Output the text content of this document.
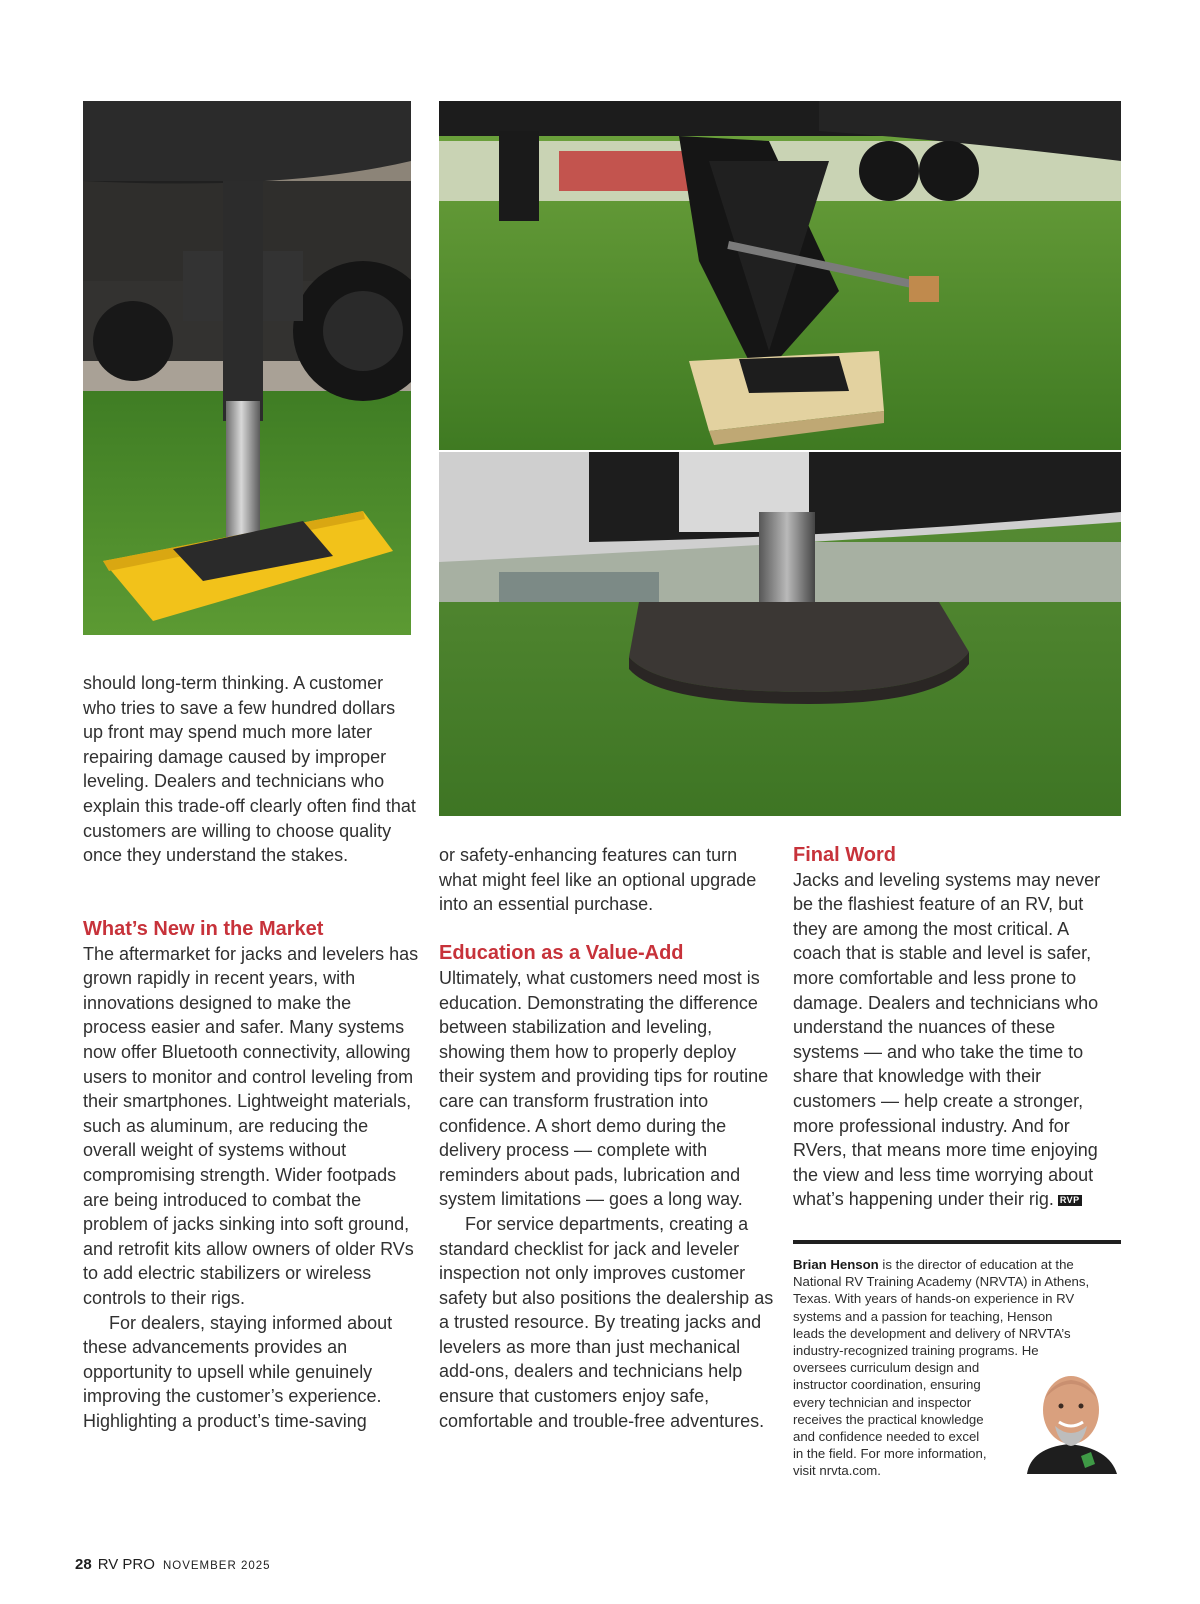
should long-term thinking. A customer who tries to save a few hundred dollars up front may spend much more later repairing damage caused by improper leveling. Dealers and technicians who explain this trade-off clearly often find that customers are willing to choose quality once they understand the stakes.

What’s New in the Market

The aftermarket for jacks and levelers has grown rapidly in recent years, with innovations designed to make the process easier and safer. Many systems now offer Bluetooth connectivity, allowing users to monitor and control leveling from their smartphones. Lightweight materials, such as aluminum, are reducing the overall weight of systems without compromising strength. Wider footpads are being introduced to combat the problem of jacks sinking into soft ground, and retrofit kits allow owners of older RVs to add electric stabilizers or wireless controls to their rigs.

For dealers, staying informed about these advancements provides an opportunity to upsell while genuinely improving the customer’s experience. Highlighting a product’s time-saving

or safety-enhancing features can turn what might feel like an optional upgrade into an essential purchase.

Education as a Value-Add

Ultimately, what customers need most is education. Demonstrating the difference between stabilization and leveling, showing them how to properly deploy their system and providing tips for routine care can transform frustration into confidence. A short demo during the delivery process — complete with reminders about pads, lubrication and system limitations — goes a long way.

For service departments, creating a standard checklist for jack and leveler inspection not only improves customer safety but also positions the dealership as a trusted resource. By treating jacks and levelers as more than just mechanical add-ons, dealers and technicians help ensure that customers enjoy safe, comfortable and trouble-free adventures.

Final Word

Jacks and leveling systems may never be the flashiest feature of an RV, but they are among the most critical. A coach that is stable and level is safer, more comfortable and less prone to damage. Dealers and technicians who understand the nuances of these systems — and who take the time to share that knowledge with their customers — help create a stronger, more professional industry. And for RVers, that means more time enjoying the view and less time worrying about what’s happening under their rig. RVP

Brian Henson is the director of education at the
National RV Training Academy (NRVTA) in Athens,
Texas. With years of hands-on experience in RV
systems and a passion for teaching, Henson
leads the development and delivery of NRVTA’s
industry-recognized training programs. He
oversees curriculum design and
instructor coordination, ensuring
every technician and inspector
receives the practical knowledge
and confidence needed to excel
in the field. For more information,
visit nrvta.com.
28 RV PRO NOVEMBER 2025
